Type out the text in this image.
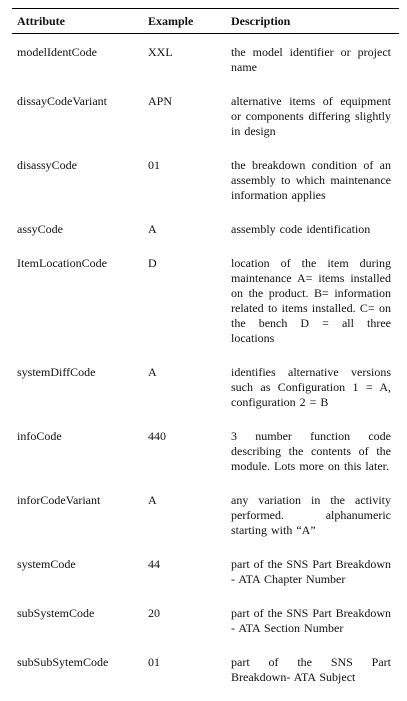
Attribute	Example	Description
modelIdentCode	XXL	the model identifier or project name
dissayCodeVariant	APN	alternative items of equipment or components differing slightly in design
disassyCode	01	the breakdown condition of an assembly to which maintenance information applies
assyCode	A	assembly code identification
ItemLocationCode	D	location of the item during maintenance A= items installed on the product. B= information related to items installed. C= on the bench D = all three locations
systemDiffCode	A	identifies alternative versions such as Configuration 1 = A, configuration 2 = B
infoCode	440	3 number function code describing the contents of the module. Lots more on this later.
inforCodeVariant	A	any variation in the activity performed. alphanumeric starting with “A”
systemCode	44	part of the SNS Part Breakdown - ATA Chapter Number
subSystemCode	20	part of the SNS Part Breakdown - ATA Section Number
subSubSytemCode	01	part of the SNS Part Breakdown- ATA Subject
